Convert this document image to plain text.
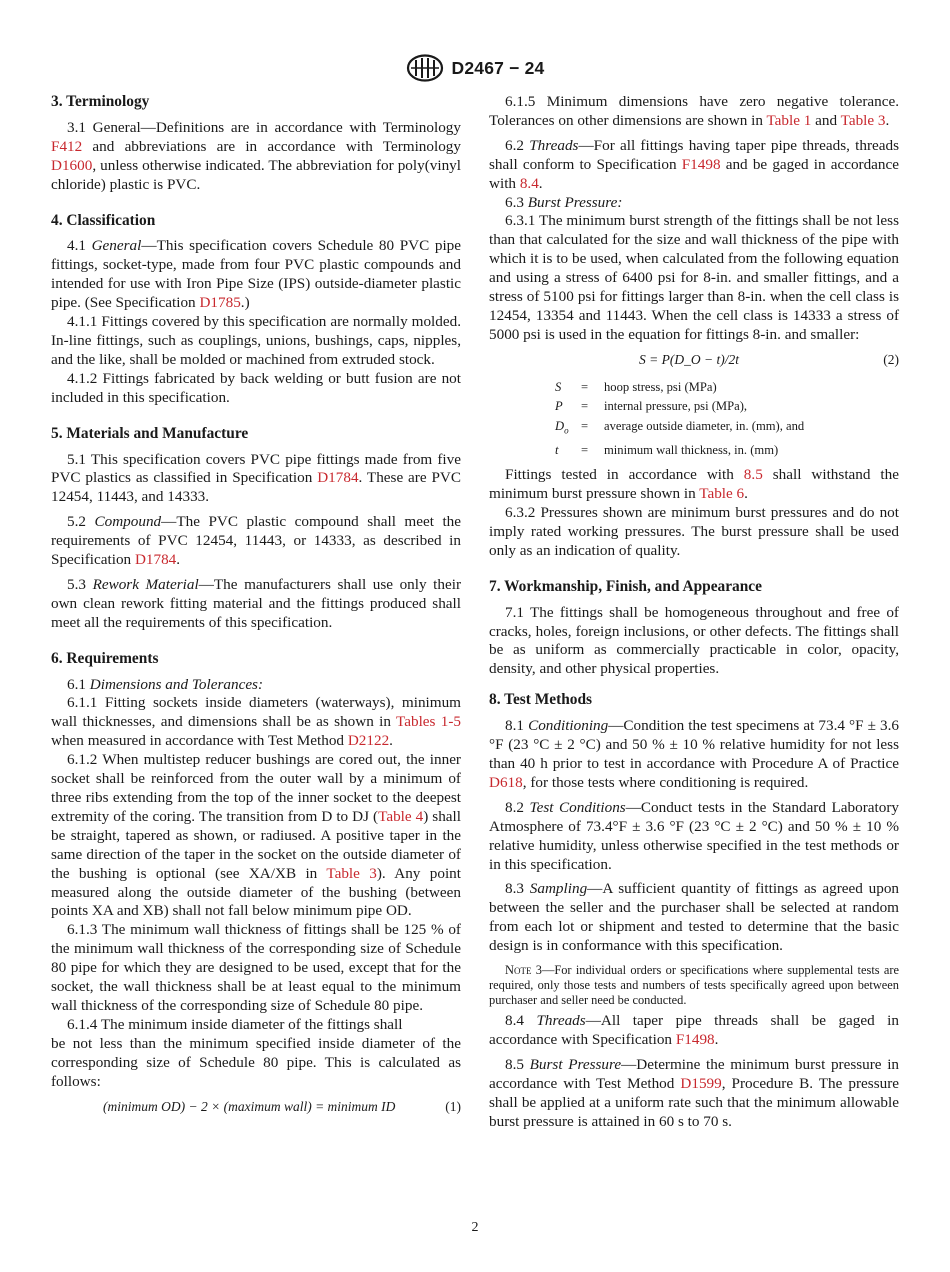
D2467 − 24
3. Terminology

3.1 General—Definitions are in accordance with Terminology F412 and abbreviations are in accordance with Terminology D1600, unless otherwise indicated. The abbreviation for poly(vinyl chloride) plastic is PVC.

4. Classification

4.1 General—This specification covers Schedule 80 PVC pipe fittings, socket-type, made from four PVC plastic compounds and intended for use with Iron Pipe Size (IPS) outside-diameter plastic pipe. (See Specification D1785.)

4.1.1 Fittings covered by this specification are normally molded. In-line fittings, such as couplings, unions, bushings, caps, nipples, and the like, shall be molded or machined from extruded stock.

4.1.2 Fittings fabricated by back welding or butt fusion are not included in this specification.

5. Materials and Manufacture

5.1 This specification covers PVC pipe fittings made from five PVC plastics as classified in Specification D1784. These are PVC 12454, 11443, and 14333.

5.2 Compound—The PVC plastic compound shall meet the requirements of PVC 12454, 11443, or 14333, as described in Specification D1784.

5.3 Rework Material—The manufacturers shall use only their own clean rework fitting material and the fittings produced shall meet all the requirements of this specification.

6. Requirements

6.1 Dimensions and Tolerances:

6.1.1 Fitting sockets inside diameters (waterways), minimum wall thicknesses, and dimensions shall be as shown in Tables 1-5 when measured in accordance with Test Method D2122.

6.1.2 When multistep reducer bushings are cored out, the inner socket shall be reinforced from the outer wall by a minimum of three ribs extending from the top of the inner socket to the deepest extremity of the coring. The transition from D to DJ (Table 4) shall be straight, tapered as shown, or radiused. A positive taper in the same direction of the taper in the socket on the outside diameter of the bushing is optional (see XA/XB in Table 3). Any point measured along the outside diameter of the bushing (between points XA and XB) shall not fall below minimum pipe OD.

6.1.3 The minimum wall thickness of fittings shall be 125 % of the minimum wall thickness of the corresponding size of Schedule 80 pipe for which they are designed to be used, except that for the socket, the wall thickness shall be at least equal to the minimum wall thickness of the corresponding size of Schedule 80 pipe.

6.1.4 The minimum inside diameter of the fittings shall

be not less than the minimum specified inside diameter of the corresponding size of Schedule 80 pipe. This is calculated as follows:

(minimum OD) − 2 × (maximum wall) = minimum ID	(1)

6.1.5 Minimum dimensions have zero negative tolerance. Tolerances on other dimensions are shown in Table 1 and Table 3.

6.2 Threads—For all fittings having taper pipe threads, threads shall conform to Specification F1498 and be gaged in accordance with 8.4.

6.3 Burst Pressure:

6.3.1 The minimum burst strength of the fittings shall be not less than that calculated for the size and wall thickness of the pipe with which it is to be used, when calculated from the following equation and using a stress of 6400 psi for 8-in. and smaller fittings, and a stress of 5100 psi for fittings larger than 8-in. when the cell class is 12454, 13354 and 11443. When the cell class is 14333 a stress of 5000 psi is used in the equation for fittings 8-in. and smaller:

S = P(D_O − t)/2t	(2)
S	=	hoop stress, psi (MPa)
P	=	internal pressure, psi (MPa),
$D_o$ =	average outside diameter, in. (mm), and
t	=	minimum wall thickness, in. (mm)

Fittings tested in accordance with 8.5 shall withstand the minimum burst pressure shown in Table 6.

6.3.2 Pressures shown are minimum burst pressures and do not imply rated working pressures. The burst pressure shall be used only as an indication of quality.

7. Workmanship, Finish, and Appearance

7.1 The fittings shall be homogeneous throughout and free of cracks, holes, foreign inclusions, or other defects. The fittings shall be as uniform as commercially practicable in color, opacity, density, and other physical properties.

8. Test Methods

8.1 Conditioning—Condition the test specimens at 73.4 °F ± 3.6 °F (23 °C ± 2 °C) and 50 % ± 10 % relative humidity for not less than 40 h prior to test in accordance with Procedure A of Practice D618, for those tests where conditioning is required.

8.2 Test Conditions—Conduct tests in the Standard Laboratory Atmosphere of 73.4°F ± 3.6 °F (23 °C ± 2 °C) and 50 % ± 10 % relative humidity, unless otherwise specified in the test methods or in this specification.

8.3 Sampling—A sufficient quantity of fittings as agreed upon between the seller and the purchaser shall be selected at random from each lot or shipment and tested to determine that the basic design is in conformance with this specification.

Note 3—For individual orders or specifications where supplemental tests are required, only those tests and numbers of tests specifically agreed upon between purchaser and seller need be conducted.

8.4 Threads—All taper pipe threads shall be gaged in accordance with Specification F1498.

8.5 Burst Pressure—Determine the minimum burst pressure in accordance with Test Method D1599, Procedure B. The pressure shall be applied at a uniform rate such that the minimum allowable burst pressure is attained in 60 s to 70 s.

2
